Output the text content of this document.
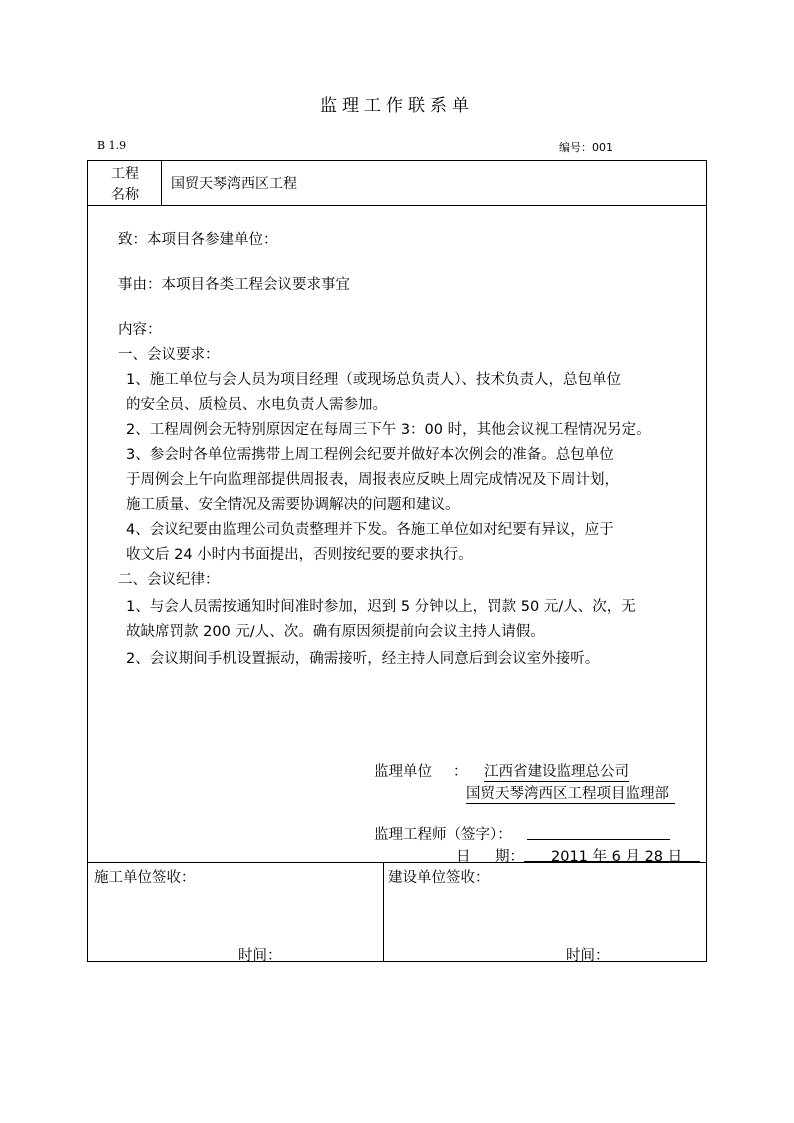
监理工作联系单
B 1.9	编号：001
工程
名称
国贸天琴湾西区工程
致：本项目各参建单位：
事由：本项目各类工程会议要求事宜
内容：
一、会议要求：
1、施工单位与会人员为项目经理（或现场总负责人）、技术负责人，总包单位
的安全员、质检员、水电负责人需参加。
2、工程周例会无特别原因定在每周三下午 3：00 时，其他会议视工程情况另定。
3、参会时各单位需携带上周工程例会纪要并做好本次例会的准备。总包单位
于周例会上午向监理部提供周报表，周报表应反映上周完成情况及下周计划，
施工质量、安全情况及需要协调解决的问题和建议。
4、会议纪要由监理公司负责整理并下发。各施工单位如对纪要有异议，应于
收文后 24 小时内书面提出，否则按纪要的要求执行。
二、会议纪律：
1、与会人员需按通知时间准时参加，迟到 5 分钟以上，罚款 50 元/人、次，无
故缺席罚款 200 元/人、次。确有原因须提前向会议主持人请假。
2、会议期间手机设置振动，确需接听，经主持人同意后到会议室外接听。
监理单位 ： 江西省建设监理总公司
国贸天琴湾西区工程项目监理部
监理工程师（签字）：
日 期： 2011 年 6 月 28 日
施工单位签收：
时间：
建设单位签收：
时间：
